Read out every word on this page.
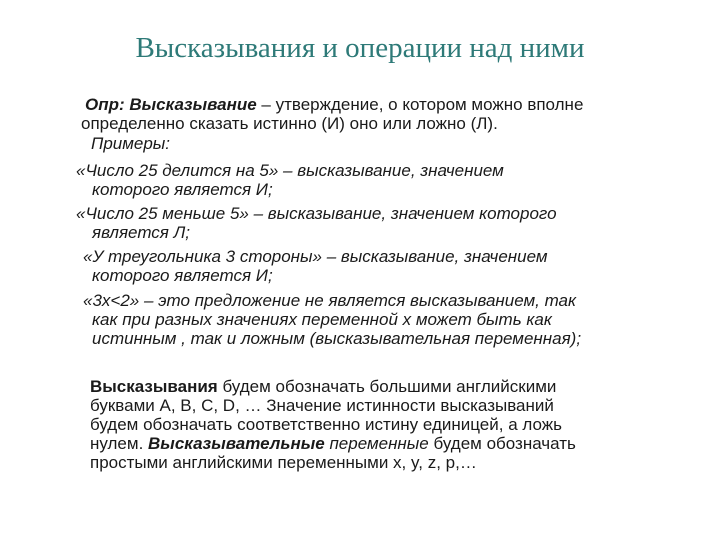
Высказывания и операции над ними
Опр: Высказывание – утверждение, о котором можно вполне
определенно сказать истинно (И) оно или ложно (Л).
Примеры:
«Число 25 делится на 5» – высказывание, значением
которого является И;
«Число 25 меньше 5» – высказывание, значением которого
является Л;
«У треугольника 3 стороны» – высказывание, значением
которого является И;
«3x<2» – это предложение не является высказыванием, так
как при разных значениях переменной x может быть как
истинным , так и ложным (высказывательная переменная);
Высказывания будем обозначать большими английскими
буквами А, В, С, D, … Значение истинности высказываний
будем обозначать соответственно истину единицей, а ложь
нулем. Высказывательные переменные будем обозначать
простыми английскими переменными x, y, z, p,…
